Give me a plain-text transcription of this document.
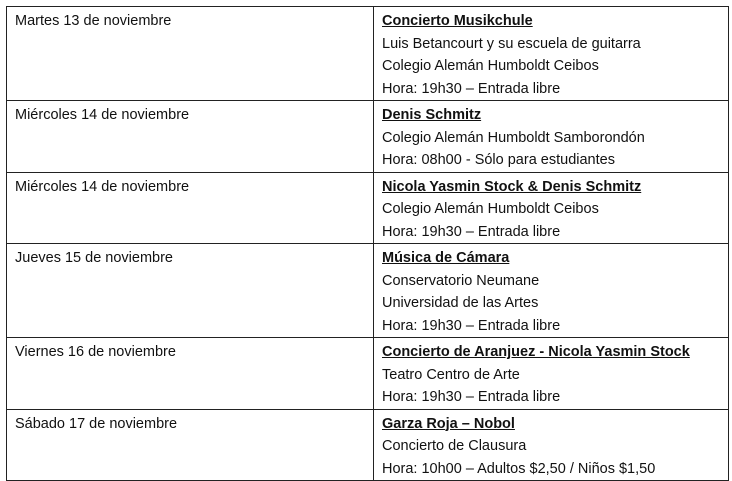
Martes 13 de noviembre	Concierto Musikchule
Luis Betancourt y su escuela de guitarra
Colegio Alemán Humboldt Ceibos
Hora: 19h30 – Entrada libre

Miércoles 14 de noviembre	Denis Schmitz
Colegio Alemán Humboldt Samborondón
Hora: 08h00 - Sólo para estudiantes

Miércoles 14 de noviembre	Nicola Yasmin Stock & Denis Schmitz
Colegio Alemán Humboldt Ceibos
Hora: 19h30 – Entrada libre

Jueves 15 de noviembre	Música de Cámara
Conservatorio Neumane
Universidad de las Artes
Hora: 19h30 – Entrada libre

Viernes 16 de noviembre	Concierto de Aranjuez - Nicola Yasmin Stock
Teatro Centro de Arte
Hora: 19h30 – Entrada libre

Sábado 17 de noviembre	Garza Roja – Nobol
Concierto de Clausura
Hora: 10h00 – Adultos $2,50 / Niños $1,50
